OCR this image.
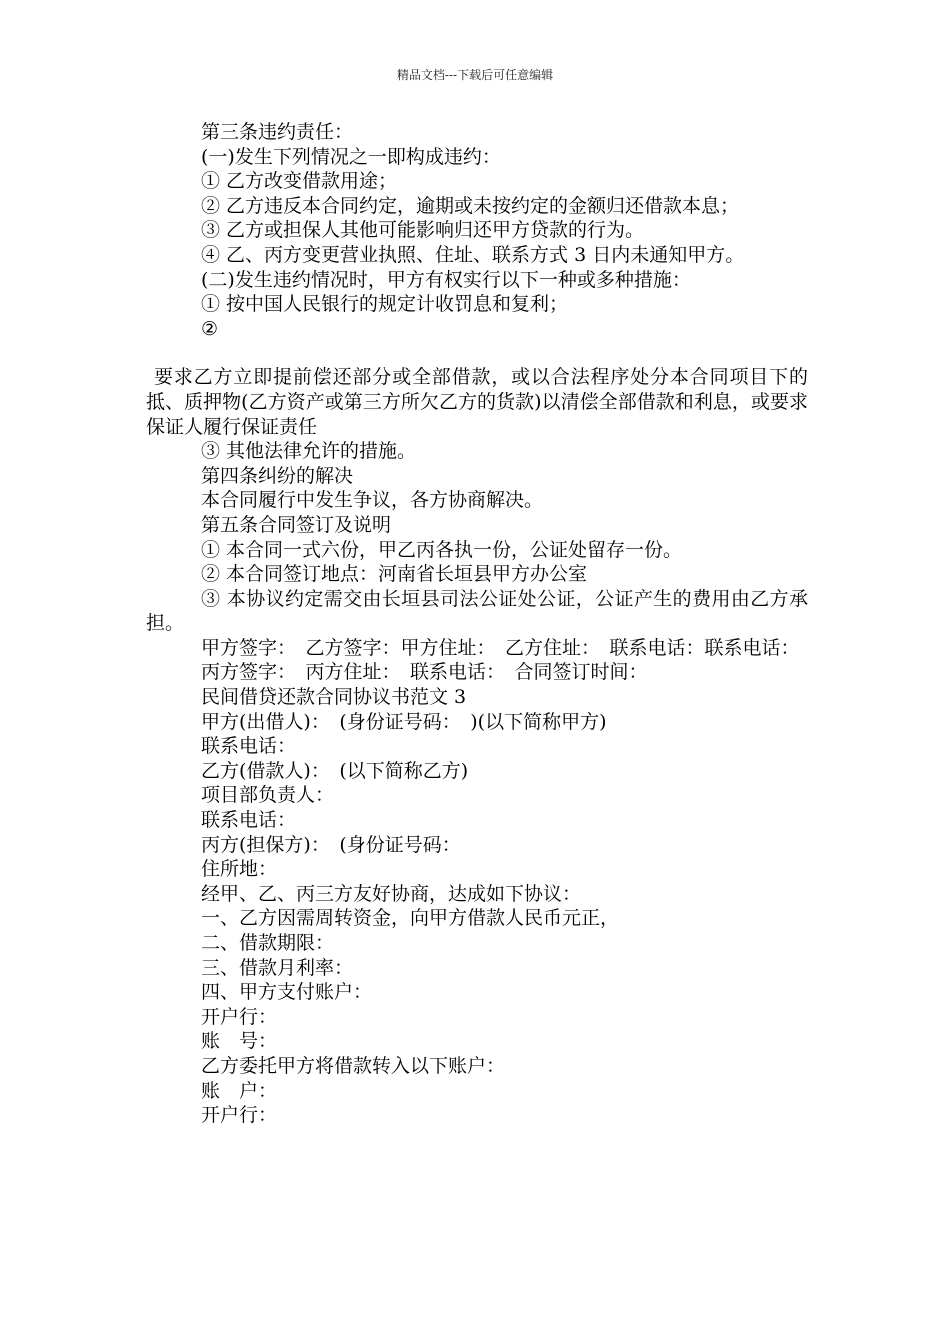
精品文档---下载后可任意编辑

第三条违约责任：

(一)发生下列情况之一即构成违约：

① 乙方改变借款用途；

② 乙方违反本合同约定，逾期或未按约定的金额归还借款本息；

③ 乙方或担保人其他可能影响归还甲方贷款的行为。

④ 乙、丙方变更营业执照、住址、联系方式 3 日内未通知甲方。

(二)发生违约情况时，甲方有权实行以下一种或多种措施：

① 按中国人民银行的规定计收罚息和复利；

②

要求乙方立即提前偿还部分或全部借款，或以合法程序处分本合同项目下的抵、质押物(乙方资产或第三方所欠乙方的货款)以清偿全部借款和利息，或要求保证人履行保证责任

③ 其他法律允许的措施。

第四条纠纷的解决

本合同履行中发生争议，各方协商解决。

第五条合同签订及说明

① 本合同一式六份，甲乙丙各执一份，公证处留存一份。

② 本合同签订地点：河南省长垣县甲方办公室

③ 本协议约定需交由长垣县司法公证处公证，公证产生的费用由乙方承担。

甲方签字：　乙方签字：甲方住址：　乙方住址：　联系电话：联系电话：

丙方签字：　丙方住址：　联系电话：　合同签订时间：

民间借贷还款合同协议书范文 3

甲方(出借人)：　(身份证号码：　)(以下简称甲方)

联系电话：

乙方(借款人)：　(以下简称乙方)

项目部负责人：

联系电话：

丙方(担保方)：　(身份证号码：

住所地：

经甲、乙、丙三方友好协商，达成如下协议：

一、乙方因需周转资金，向甲方借款人民币元正，

二、借款期限：

三、借款月利率：

四、甲方支付账户：

开户行：

账　号：

乙方委托甲方将借款转入以下账户：

账　户：

开户行：
